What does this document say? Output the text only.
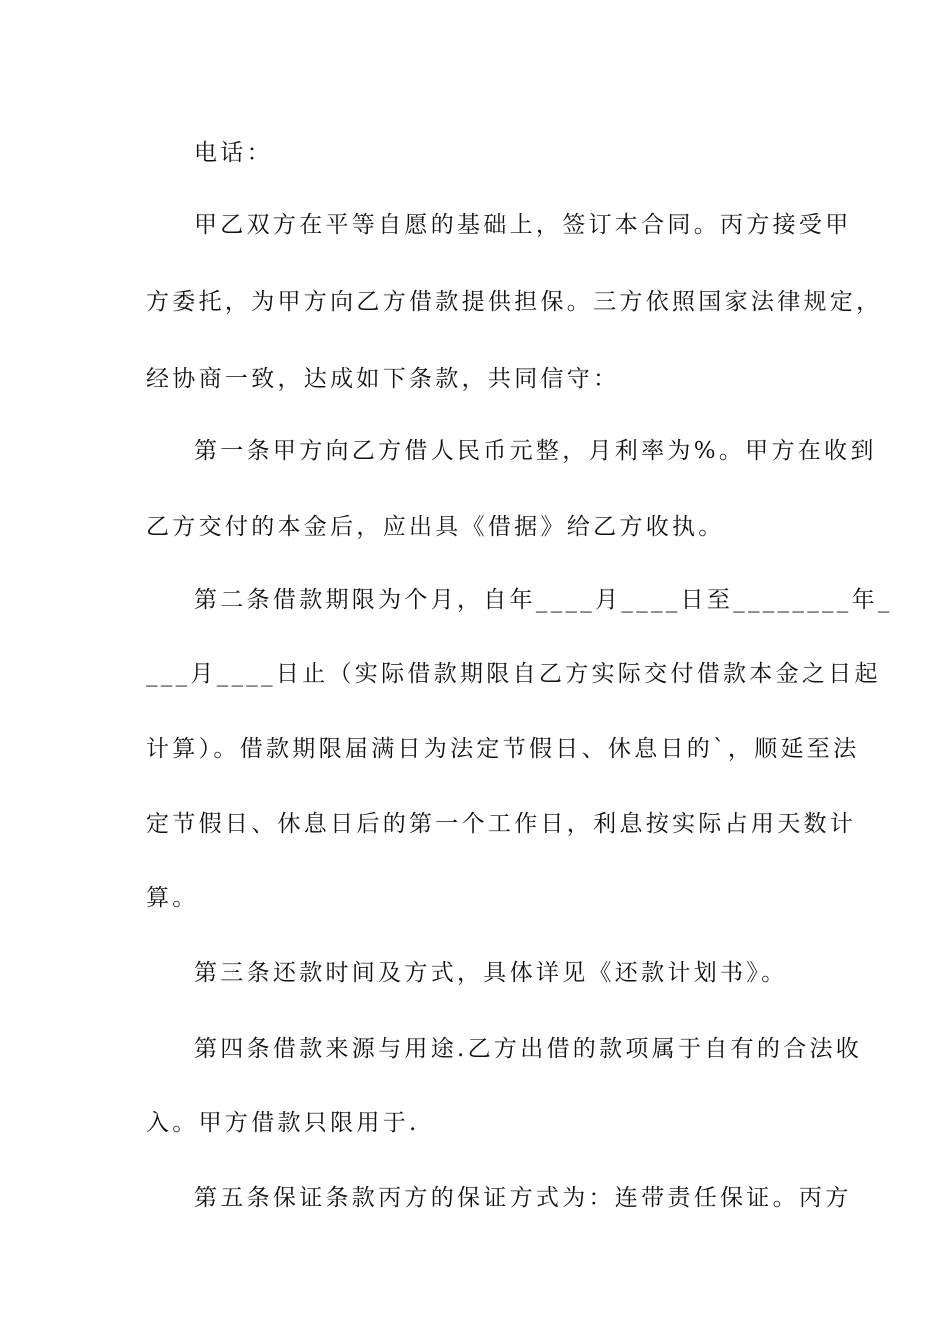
电话：
甲乙双方在平等自愿的基础上，签订本合同。丙方接受甲
方委托，为甲方向乙方借款提供担保。三方依照国家法律规定，
经协商一致，达成如下条款，共同信守：
第一条甲方向乙方借人民币元整，月利率为%。甲方在收到
乙方交付的本金后，应出具《借据》给乙方收执。
第二条借款期限为个月，自年____月____日至________年_
___月____日止（实际借款期限自乙方实际交付借款本金之日起
计算）。借款期限届满日为法定节假日、休息日的`，顺延至法
定节假日、休息日后的第一个工作日，利息按实际占用天数计
算。
第三条还款时间及方式，具体详见《还款计划书》。
第四条借款来源与用途.乙方出借的款项属于自有的合法收
入。甲方借款只限用于.
第五条保证条款丙方的保证方式为：连带责任保证。丙方
